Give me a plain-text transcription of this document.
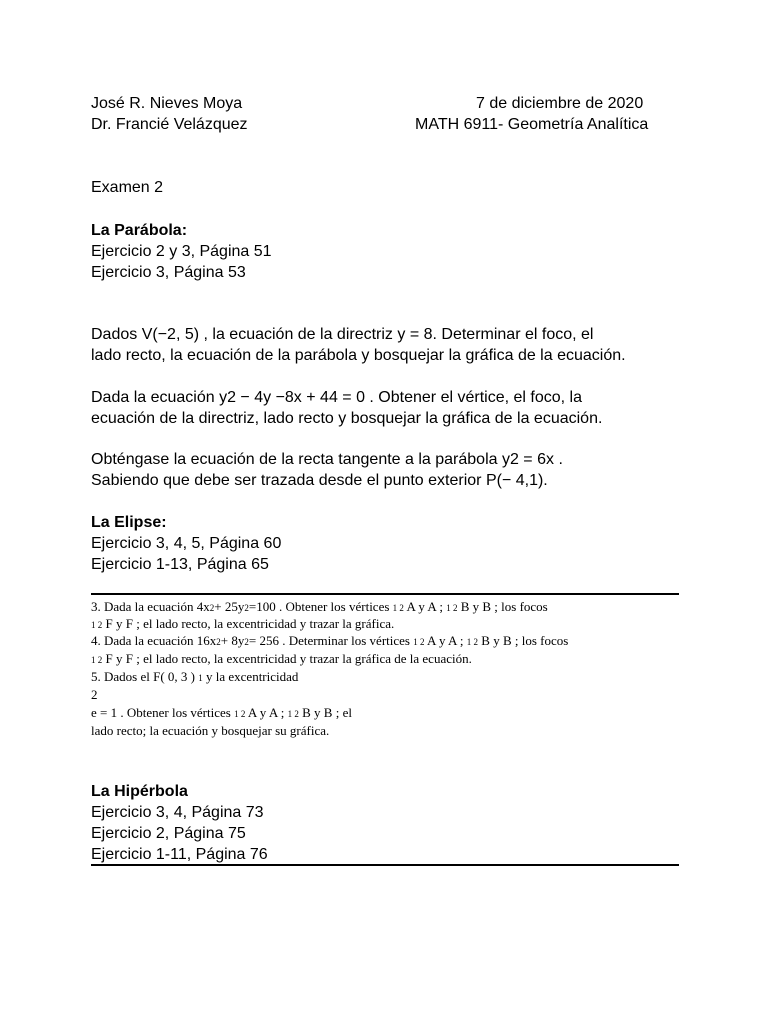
José R. Nieves Moya
Dr. Francié Velázquez
7 de diciembre de 2020
MATH 6911- Geometría Analítica
Examen 2
La Parábola:
Ejercicio 2 y 3, Página 51
Ejercicio 3, Página 53
Dados V(−2, 5) , la ecuación de la directriz y = 8. Determinar el foco, el
lado recto, la ecuación de la parábola y bosquejar la gráfica de la ecuación.
Dada la ecuación y2 − 4y −8x + 44 = 0 . Obtener el vértice, el foco, la
ecuación de la directriz, lado recto y bosquejar la gráfica de la ecuación.
Obténgase la ecuación de la recta tangente a la parábola y2 = 6x .
Sabiendo que debe ser trazada desde el punto exterior P(− 4,1).
La Elipse:
Ejercicio 3, 4, 5, Página 60
Ejercicio 1-13, Página 65
3. Dada la ecuación 4x2+ 25y2=100 . Obtener los vértices 1 2 A y A ; 1 2 B y B ; los focos
1 2 F y F ; el lado recto, la excentricidad y trazar la gráfica.
4. Dada la ecuación 16x2+ 8y2= 256 . Determinar los vértices 1 2 A y A ; 1 2 B y B ; los focos
1 2 F y F ; el lado recto, la excentricidad y trazar la gráfica de la ecuación.
5. Dados el F( 0, 3 ) 1 y la excentricidad
2
e = 1 . Obtener los vértices 1 2 A y A ; 1 2 B y B ; el
lado recto; la ecuación y bosquejar su gráfica.
La Hipérbola
Ejercicio 3, 4, Página 73
Ejercicio 2, Página 75
Ejercicio 1-11, Página 76
